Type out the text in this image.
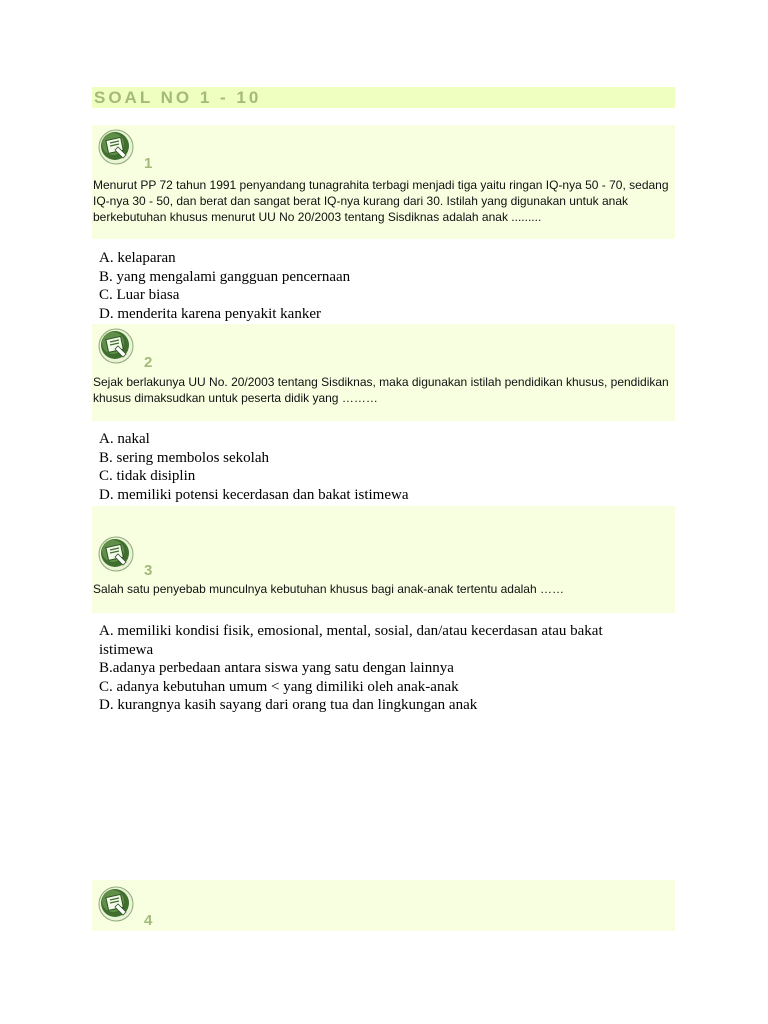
SOAL NO 1 - 10
1
Menurut PP 72 tahun 1991 penyandang tunagrahita terbagi menjadi tiga yaitu ringan IQ-nya 50 - 70, sedang IQ-nya 30 - 50, dan berat dan sangat berat IQ-nya kurang dari 30. Istilah yang digunakan untuk anak berkebutuhan khusus menurut UU No 20/2003 tentang Sisdiknas adalah anak .........
A. kelaparan
B. yang mengalami gangguan pencernaan
C. Luar biasa
D. menderita karena penyakit kanker
2
Sejak berlakunya UU No. 20/2003 tentang Sisdiknas, maka digunakan istilah pendidikan khusus, pendidikan khusus dimaksudkan untuk peserta didik yang ………
A. nakal
B. sering membolos sekolah
C. tidak disiplin
D. memiliki potensi kecerdasan dan bakat istimewa
3
Salah satu penyebab munculnya kebutuhan khusus bagi anak-anak tertentu adalah ……
A. memiliki kondisi fisik, emosional, mental, sosial, dan/atau kecerdasan atau bakat istimewa
B.adanya perbedaan antara siswa yang satu dengan lainnya
C. adanya kebutuhan umum < yang dimiliki oleh anak-anak
D. kurangnya kasih sayang dari orang tua dan lingkungan anak
4
